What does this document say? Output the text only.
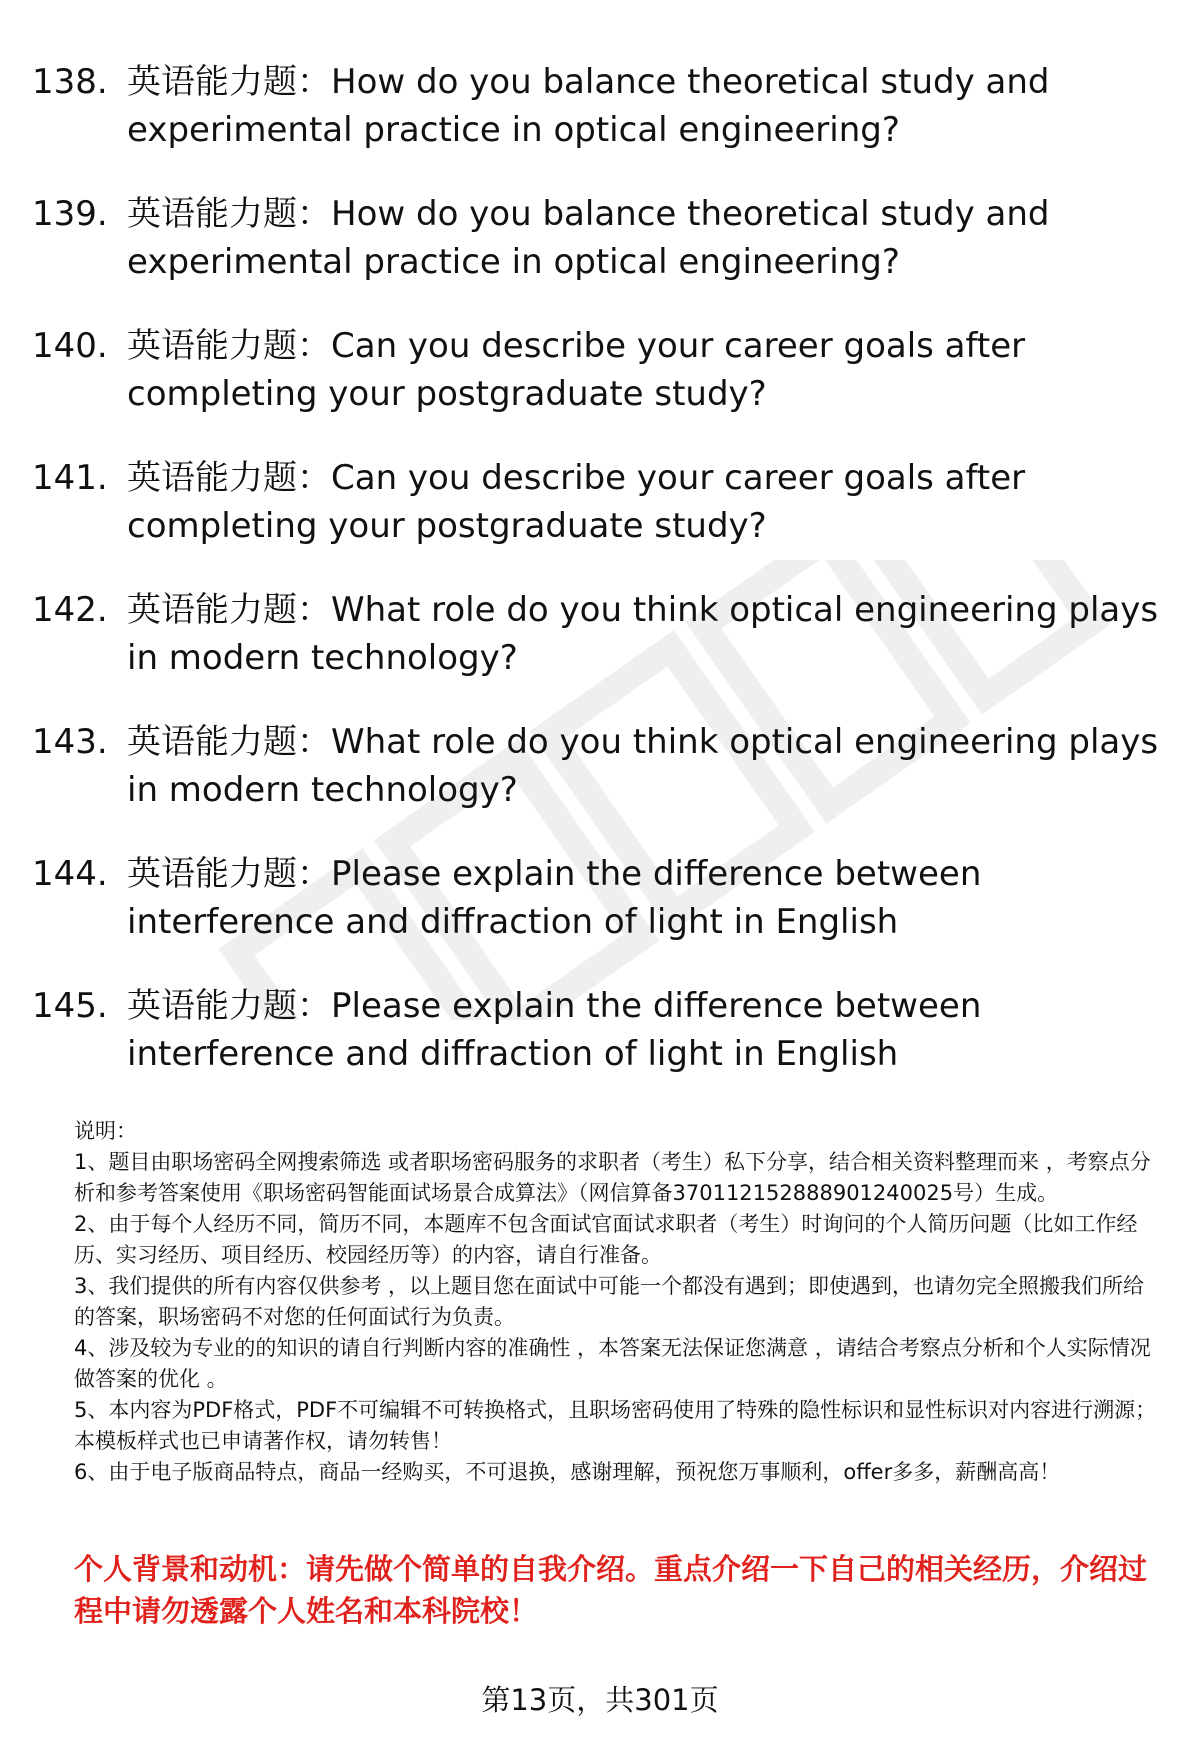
138. 英语能力题：How do you balance theoretical study and experimental practice in optical engineering?
139. 英语能力题：How do you balance theoretical study and experimental practice in optical engineering?
140. 英语能力题：Can you describe your career goals after completing your postgraduate study?
141. 英语能力题：Can you describe your career goals after completing your postgraduate study?
142. 英语能力题：What role do you think optical engineering plays in modern technology?
143. 英语能力题：What role do you think optical engineering plays in modern technology?
144. 英语能力题：Please explain the difference between interference and diffraction of light in English
145. 英语能力题：Please explain the difference between interference and diffraction of light in English

说明：

1、题目由职场密码全网搜索筛选 或者职场密码服务的求职者（考生）私下分享，结合相关资料整理而来 ，考察点分析和参考答案使用《职场密码智能面试场景合成算法》（网信算备370112152888901240025号）生成。

2、由于每个人经历不同，简历不同，本题库不包含面试官面试求职者（考生）时询问的个人简历问题（比如工作经历、实习经历、项目经历、校园经历等）的内容，请自行准备。

3、我们提供的所有内容仅供参考 ，以上题目您在面试中可能一个都没有遇到；即使遇到，也请勿完全照搬我们所给的答案，职场密码不对您的任何面试行为负责。

4、涉及较为专业的的知识的请自行判断内容的准确性 ，本答案无法保证您满意 ，请结合考察点分析和个人实际情况做答案的优化 。

5、本内容为PDF格式，PDF不可编辑不可转换格式，且职场密码使用了特殊的隐性标识和显性标识对内容进行溯源；本模板样式也已申请著作权，请勿转售！

6、由于电子版商品特点，商品一经购买，不可退换，感谢理解，预祝您万事顺利，offer多多，薪酬高高！

个人背景和动机：请先做个简单的自我介绍。重点介绍一下自己的相关经历，介绍过程中请勿透露个人姓名和本科院校！
第13页，共301页
